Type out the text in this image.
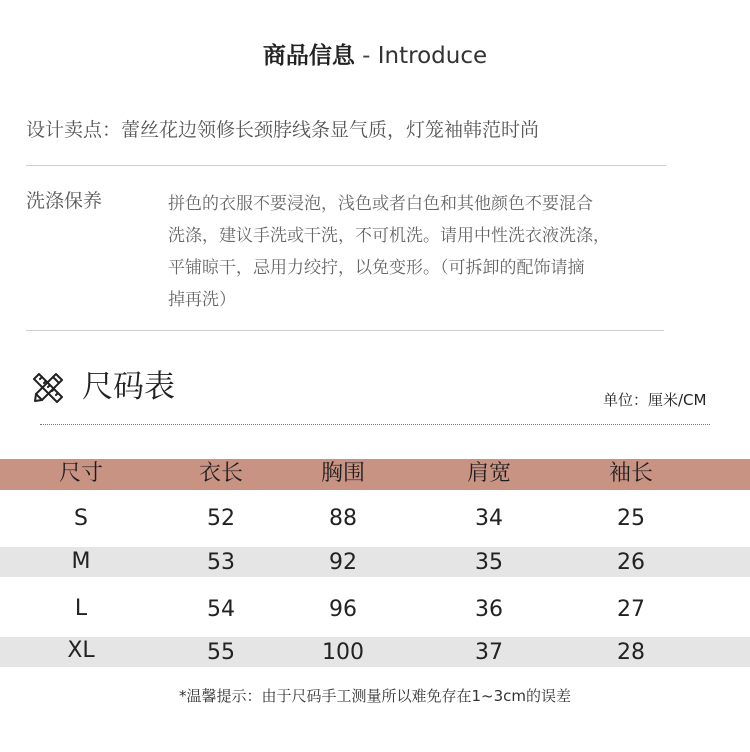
商品信息 - Introduce
设计卖点：蕾丝花边领修长颈脖线条显气质，灯笼袖韩范时尚
洗涤保养	拼色的衣服不要浸泡，浅色或者白色和其他颜色不要混合
洗涤，建议手洗或干洗，不可机洗。请用中性洗衣液洗涤，
平铺晾干，忌用力绞拧，以免变形。（可拆卸的配饰请摘
掉再洗）
尺码表	单位：厘米/CM
尺寸	衣长	胸围	肩宽	袖长
S	52	88	34	25
M	53	92	35	26
L	54	96	36	27
XL	55	100	37	28
*温馨提示：由于尺码手工测量所以难免存在1~3cm的误差
